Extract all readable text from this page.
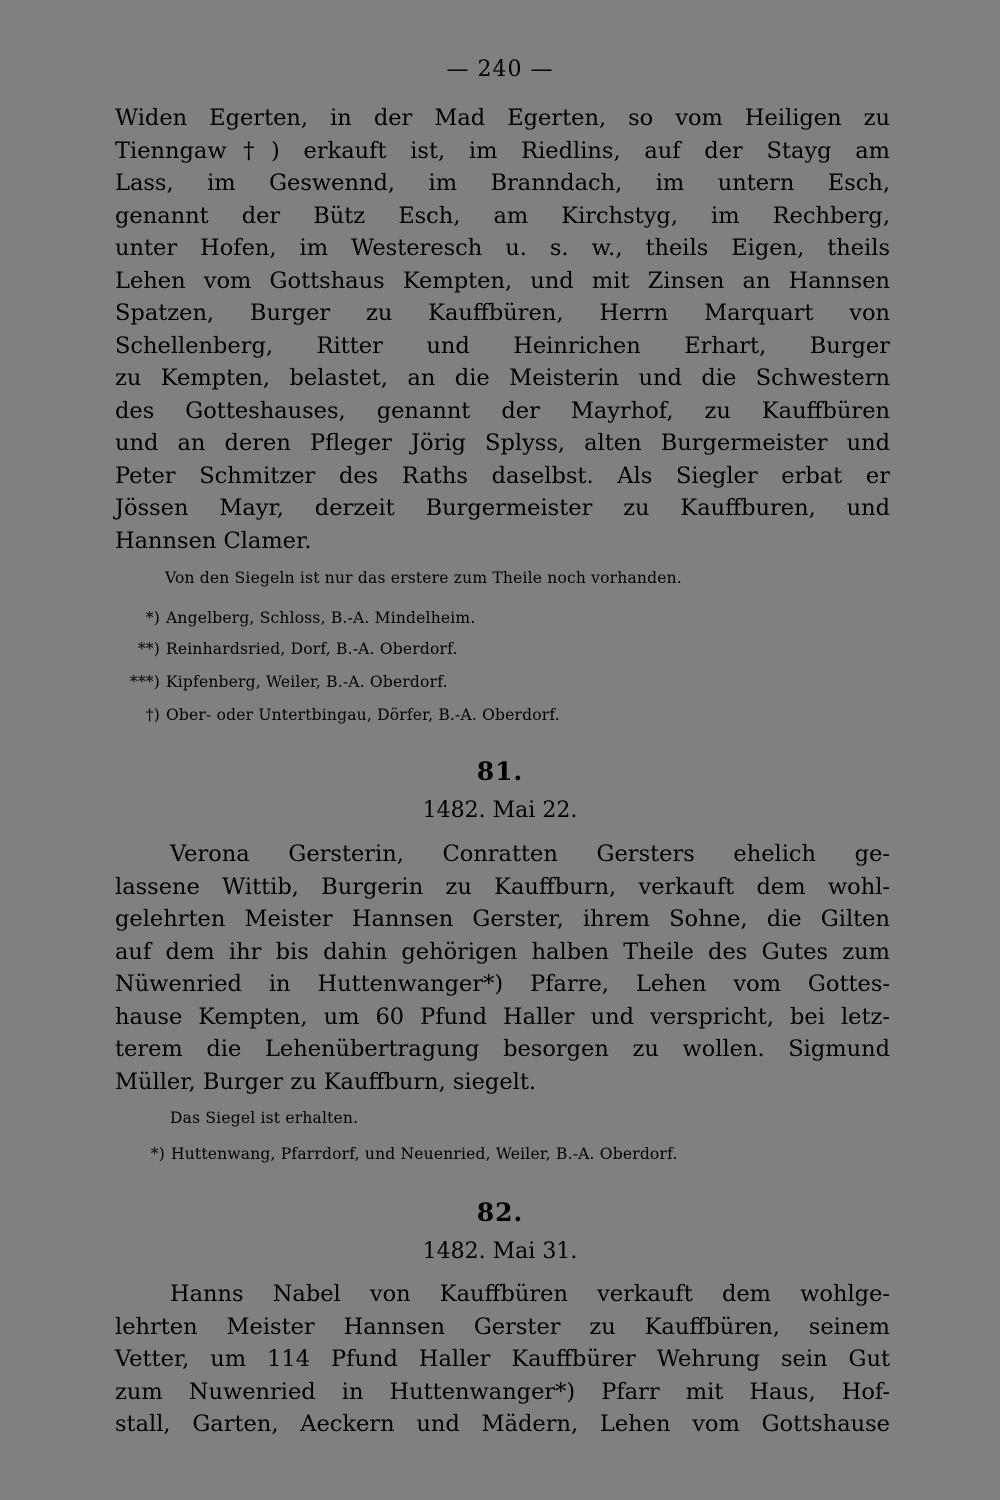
— 240 —
Widen Egerten, in der Mad Egerten, so vom Heiligen zu
Tienngaw†) erkauft ist, im Riedlins, auf der Stayg am
Lass, im Geswennd, im Branndach, im untern Esch,
genannt der Bütz Esch, am Kirchstyg, im Rechberg,
unter Hofen, im Westeresch u. s. w., theils Eigen, theils
Lehen vom Gottshaus Kempten, und mit Zinsen an Hannsen
Spatzen, Burger zu Kauffbüren, Herrn Marquart von
Schellenberg, Ritter und Heinrichen Erhart, Burger
zu Kempten, belastet, an die Meisterin und die Schwestern
des Gotteshauses, genannt der Mayrhof, zu Kauffbüren
und an deren Pfleger Jörig Splyss, alten Burgermeister und
Peter Schmitzer des Raths daselbst. Als Siegler erbat er
Jössen Mayr, derzeit Burgermeister zu Kauffburen, und
Hannsen Clamer.
Von den Siegeln ist nur das erstere zum Theile noch vorhanden.
*) Angelberg, Schloss, B.-A. Mindelheim.
**) Reinhardsried, Dorf, B.-A. Oberdorf.
***) Kipfenberg, Weiler, B.-A. Oberdorf.
†) Ober- oder Untertbingau, Dörfer, B.-A. Oberdorf.
81.
1482. Mai 22.
Verona Gersterin, Conratten Gersters ehelich ge-
lassene Wittib, Burgerin zu Kauffburn, verkauft dem wohl-
gelehrten Meister Hannsen Gerster, ihrem Sohne, die Gilten
auf dem ihr bis dahin gehörigen halben Theile des Gutes zum
Nüwenried in Huttenwanger*) Pfarre, Lehen vom Gottes-
hause Kempten, um 60 Pfund Haller und verspricht, bei letz-
terem die Lehenübertragung besorgen zu wollen. Sigmund
Müller, Burger zu Kauffburn, siegelt.
Das Siegel ist erhalten.
*) Huttenwang, Pfarrdorf, und Neuenried, Weiler, B.-A. Oberdorf.
82.
1482. Mai 31.
Hanns Nabel von Kauffbüren verkauft dem wohlge-
lehrten Meister Hannsen Gerster zu Kauffbüren, seinem
Vetter, um 114 Pfund Haller Kauffbürer Wehrung sein Gut
zum Nuwenried in Huttenwanger*) Pfarr mit Haus, Hof-
stall, Garten, Aeckern und Mädern, Lehen vom Gottshause
